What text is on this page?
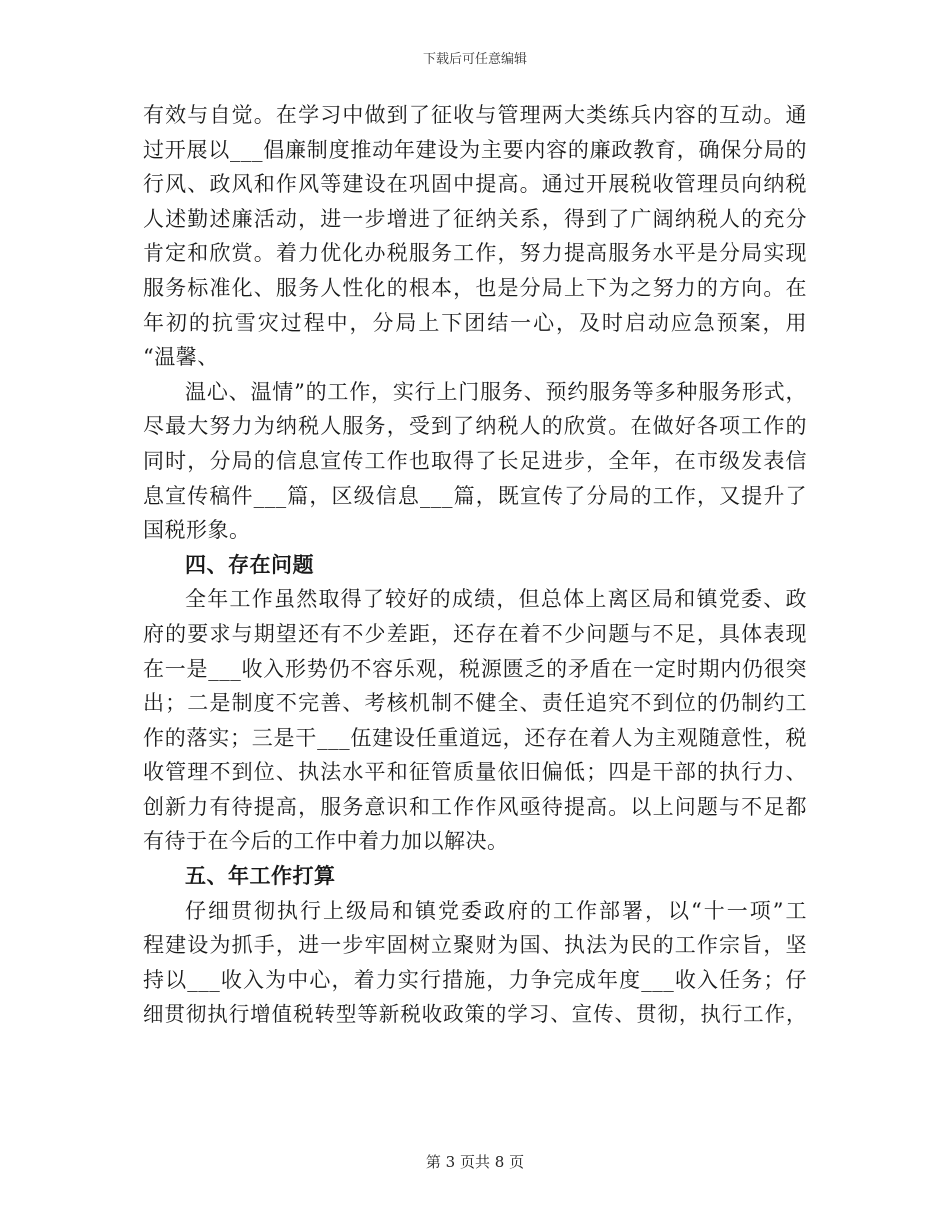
下载后可任意编辑
有效与自觉。在学习中做到了征收与管理两大类练兵内容的互动。通
过开展以___倡廉制度推动年建设为主要内容的廉政教育，确保分局的
行风、政风和作风等建设在巩固中提高。通过开展税收管理员向纳税
人述勤述廉活动，进一步增进了征纳关系，得到了广阔纳税人的充分
肯定和欣赏。着力优化办税服务工作，努力提高服务水平是分局实现
服务标准化、服务人性化的根本，也是分局上下为之努力的方向。在
年初的抗雪灾过程中，分局上下团结一心，及时启动应急预案，用
“温馨、
温心、温情”的工作，实行上门服务、预约服务等多种服务形式，
尽最大努力为纳税人服务，受到了纳税人的欣赏。在做好各项工作的
同时，分局的信息宣传工作也取得了长足进步，全年，在市级发表信
息宣传稿件___篇，区级信息___篇，既宣传了分局的工作，又提升了
国税形象。
四、存在问题
全年工作虽然取得了较好的成绩，但总体上离区局和镇党委、政
府的要求与期望还有不少差距，还存在着不少问题与不足，具体表现
在一是___收入形势仍不容乐观，税源匮乏的矛盾在一定时期内仍很突
出；二是制度不完善、考核机制不健全、责任追究不到位的仍制约工
作的落实；三是干___伍建设任重道远，还存在着人为主观随意性，税
收管理不到位、执法水平和征管质量依旧偏低；四是干部的执行力、
创新力有待提高，服务意识和工作作风亟待提高。以上问题与不足都
有待于在今后的工作中着力加以解决。
五、年工作打算
仔细贯彻执行上级局和镇党委政府的工作部署，以“十一项”工
程建设为抓手，进一步牢固树立聚财为国、执法为民的工作宗旨，坚
持以___收入为中心，着力实行措施，力争完成年度___收入任务；仔
细贯彻执行增值税转型等新税收政策的学习、宣传、贯彻，执行工作，
第 3 页共 8 页
